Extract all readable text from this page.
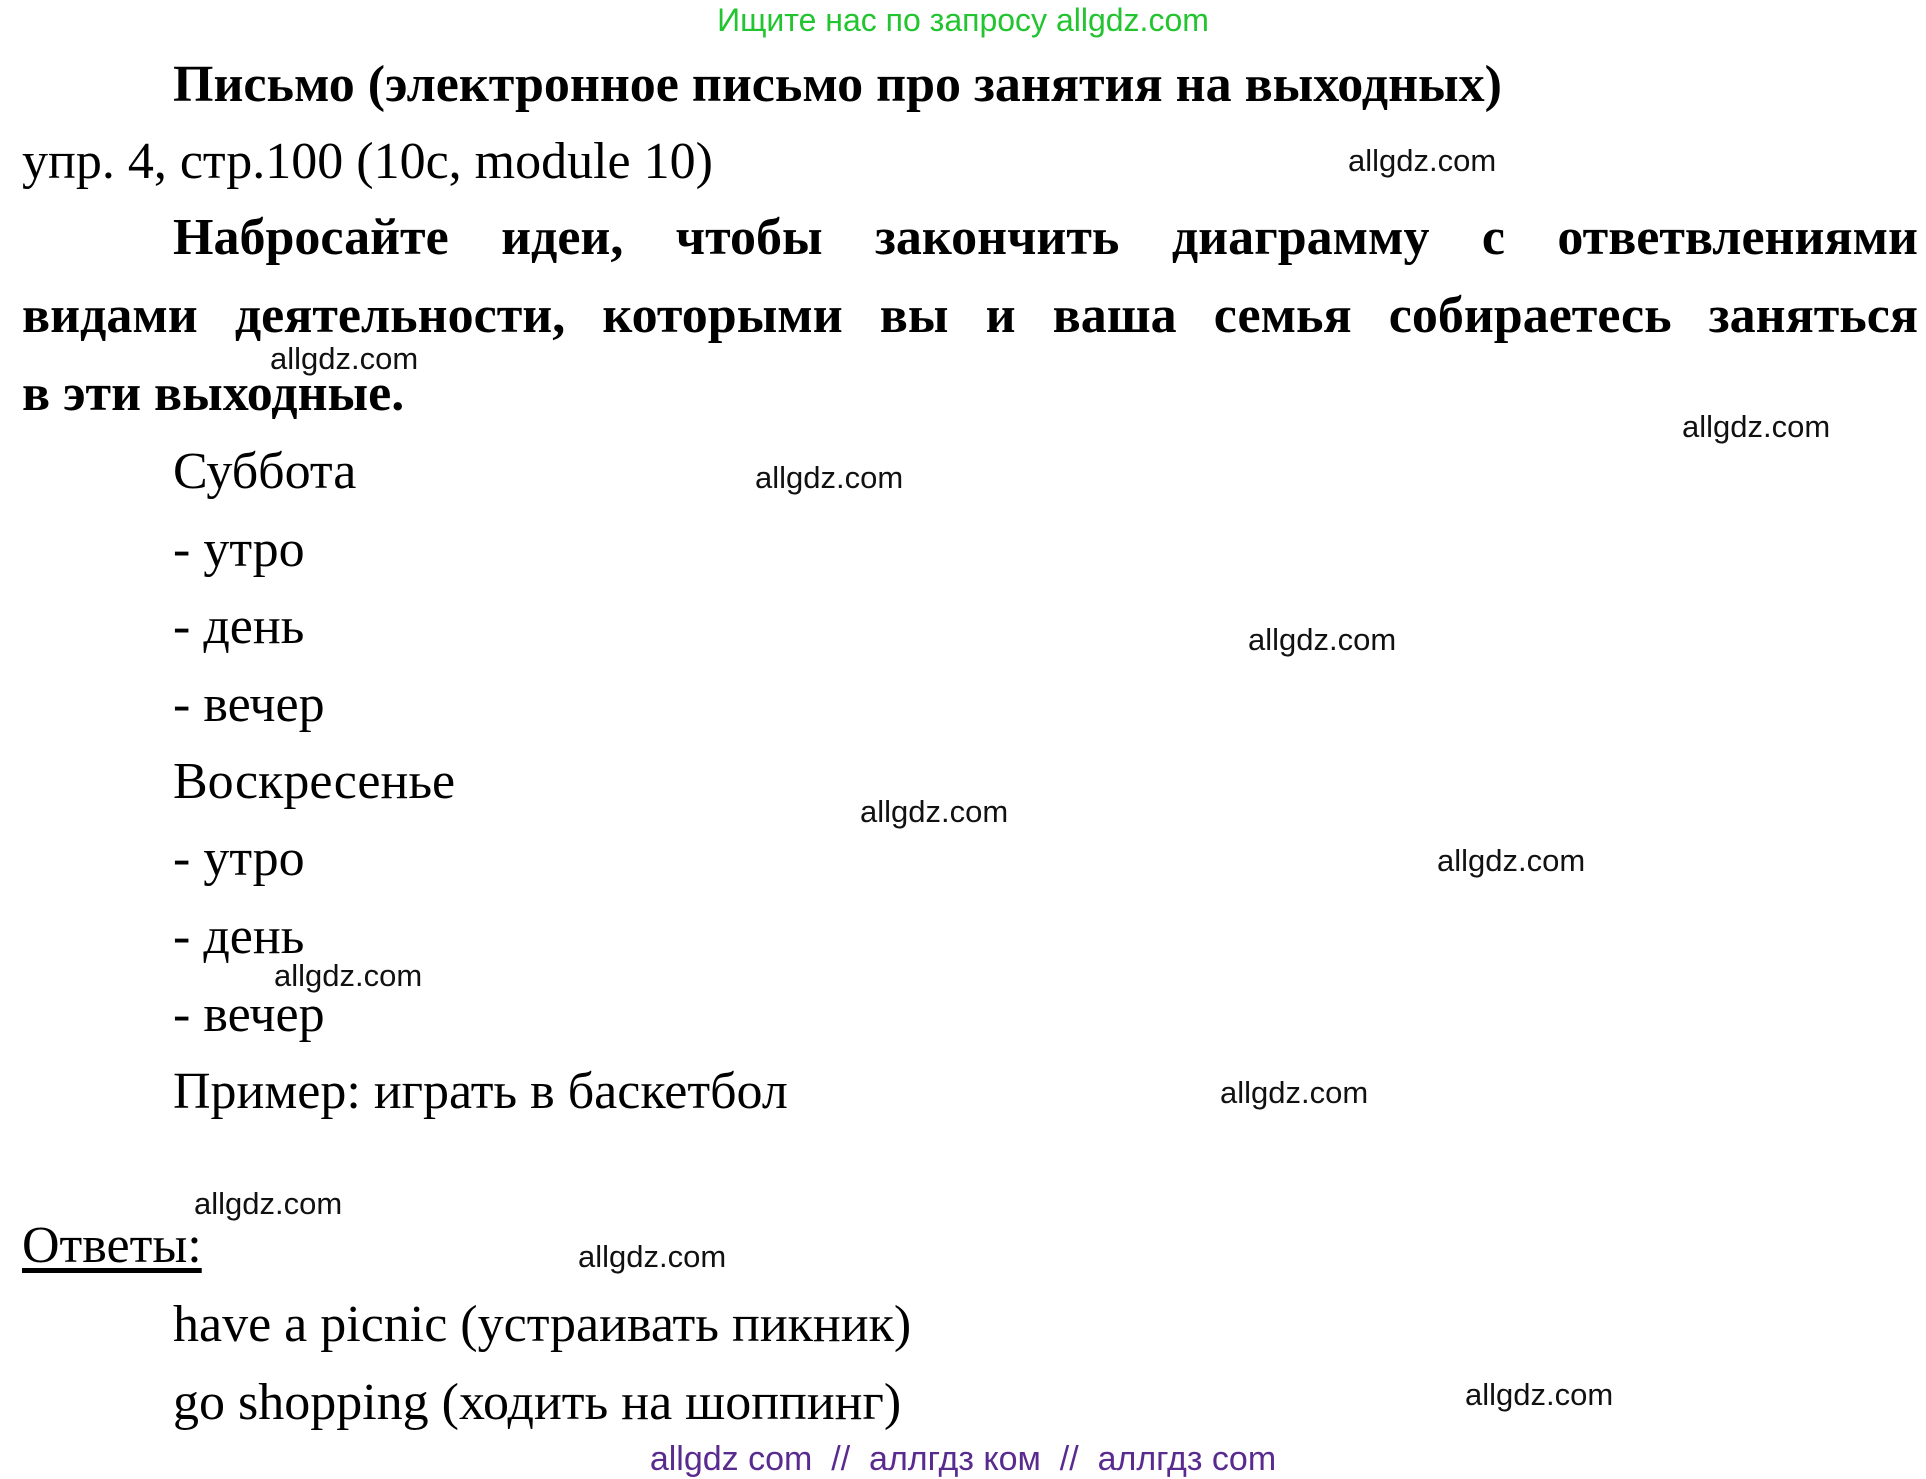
Ищите нас по запросу allgdz.com
Письмо (электронное письмо про занятия на выходных)
упр. 4, стр.100 (10c, module 10)
Набросайте идеи, чтобы закончить диаграмму с ответвлениями
видами деятельности, которыми вы и ваша семья собираетесь заняться
в эти выходные.
Суббота
- утро
- день
- вечер
Воскресенье
- утро
- день
- вечер
Пример: играть в баскетбол
Ответы:
have a picnic (устраивать пикник)
go shopping (ходить на шоппинг)
allgdz.com
allgdz.com
allgdz.com
allgdz.com
allgdz.com
allgdz.com
allgdz.com
allgdz.com
allgdz.com
allgdz.com
allgdz.com
allgdz.com
allgdz com  //  аллгдз ком  //  аллгдз com
